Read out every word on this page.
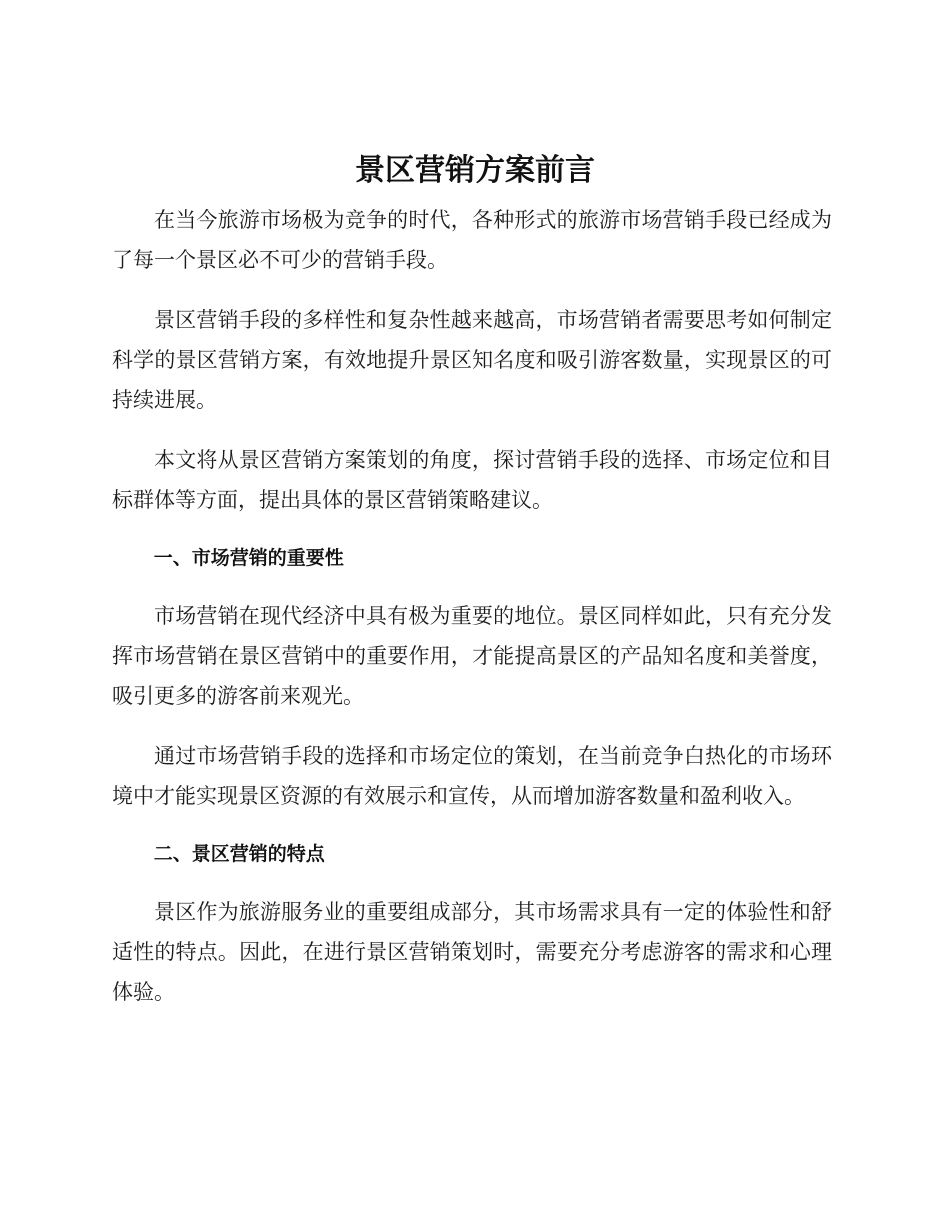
景区营销方案前言

在当今旅游市场极为竞争的时代，各种形式的旅游市场营销手段已经成为了每一个景区必不可少的营销手段。

景区营销手段的多样性和复杂性越来越高，市场营销者需要思考如何制定科学的景区营销方案，有效地提升景区知名度和吸引游客数量，实现景区的可持续进展。

本文将从景区营销方案策划的角度，探讨营销手段的选择、市场定位和目标群体等方面，提出具体的景区营销策略建议。

一、市场营销的重要性

市场营销在现代经济中具有极为重要的地位。景区同样如此，只有充分发挥市场营销在景区营销中的重要作用，才能提高景区的产品知名度和美誉度，吸引更多的游客前来观光。

通过市场营销手段的选择和市场定位的策划，在当前竞争白热化的市场环境中才能实现景区资源的有效展示和宣传，从而增加游客数量和盈利收入。

二、景区营销的特点

景区作为旅游服务业的重要组成部分，其市场需求具有一定的体验性和舒适性的特点。因此，在进行景区营销策划时，需要充分考虑游客的需求和心理体验。
